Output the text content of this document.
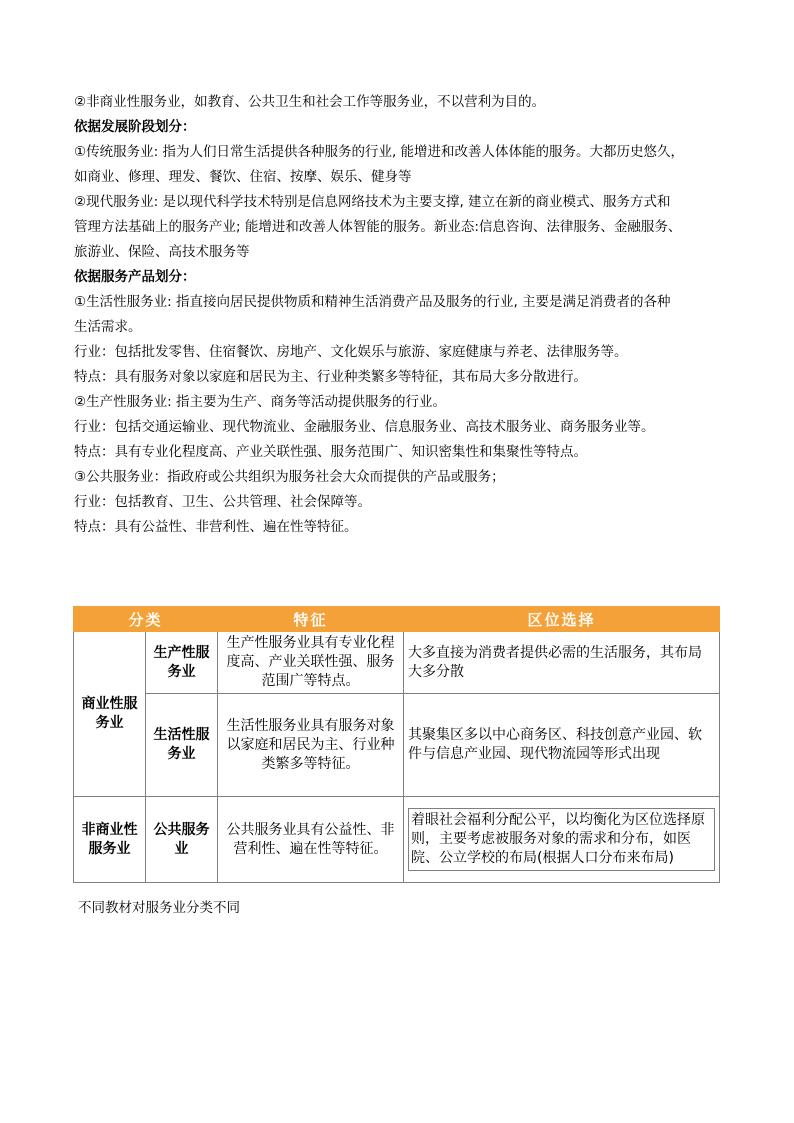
②非商业性服务业，如教育、公共卫生和社会工作等服务业，不以营利为目的。
依据发展阶段划分：
①传统服务业: 指为人们日常生活提供各种服务的行业, 能增进和改善人体体能的服务。大都历史悠久，
如商业、修理、理发、餐饮、住宿、按摩、娱乐、健身等
②现代服务业: 是以现代科学技术特别是信息网络技术为主要支撑, 建立在新的商业模式、服务方式和
管理方法基础上的服务产业; 能增进和改善人体智能的服务。新业态:信息咨询、法律服务、金融服务、
旅游业、保险、高技术服务等
依据服务产品划分：
①生活性服务业: 指直接向居民提供物质和精神生活消费产品及服务的行业, 主要是满足消费者的各种
生活需求。
行业：包括批发零售、住宿餐饮、房地产、文化娱乐与旅游、家庭健康与养老、法律服务等。
特点：具有服务对象以家庭和居民为主、行业种类繁多等特征，其布局大多分散进行。
②生产性服务业: 指主要为生产、商务等活动提供服务的行业。
行业：包括交通运输业、现代物流业、金融服务业、信息服务业、高技术服务业、商务服务业等。
特点：具有专业化程度高、产业关联性强、服务范围广、知识密集性和集聚性等特点。
③公共服务业：指政府或公共组织为服务社会大众而提供的产品或服务；
行业：包括教育、卫生、公共管理、社会保障等。
特点：具有公益性、非营利性、遍在性等特征。
分类		特征	区位选择
商业性服务业	生产性服务业	生产性服务业具有专业化程度高、产业关联性强、服务范围广等特点。	大多直接为消费者提供必需的生活服务，其布局大多分散

	生活性服务业	生活性服务业具有服务对象以家庭和居民为主、行业种类繁多等特征。	其聚集区多以中心商务区、科技创意产业园、软件与信息产业园、现代物流园等形式出现

非商业性服务业	公共服务业	公共服务业具有公益性、非营利性、遍在性等特征。	着眼社会福利分配公平，以均衡化为区位选择原则，主要考虑被服务对象的需求和分布，如医院、公立学校的布局(根据人口分布来布局)
不同教材对服务业分类不同
